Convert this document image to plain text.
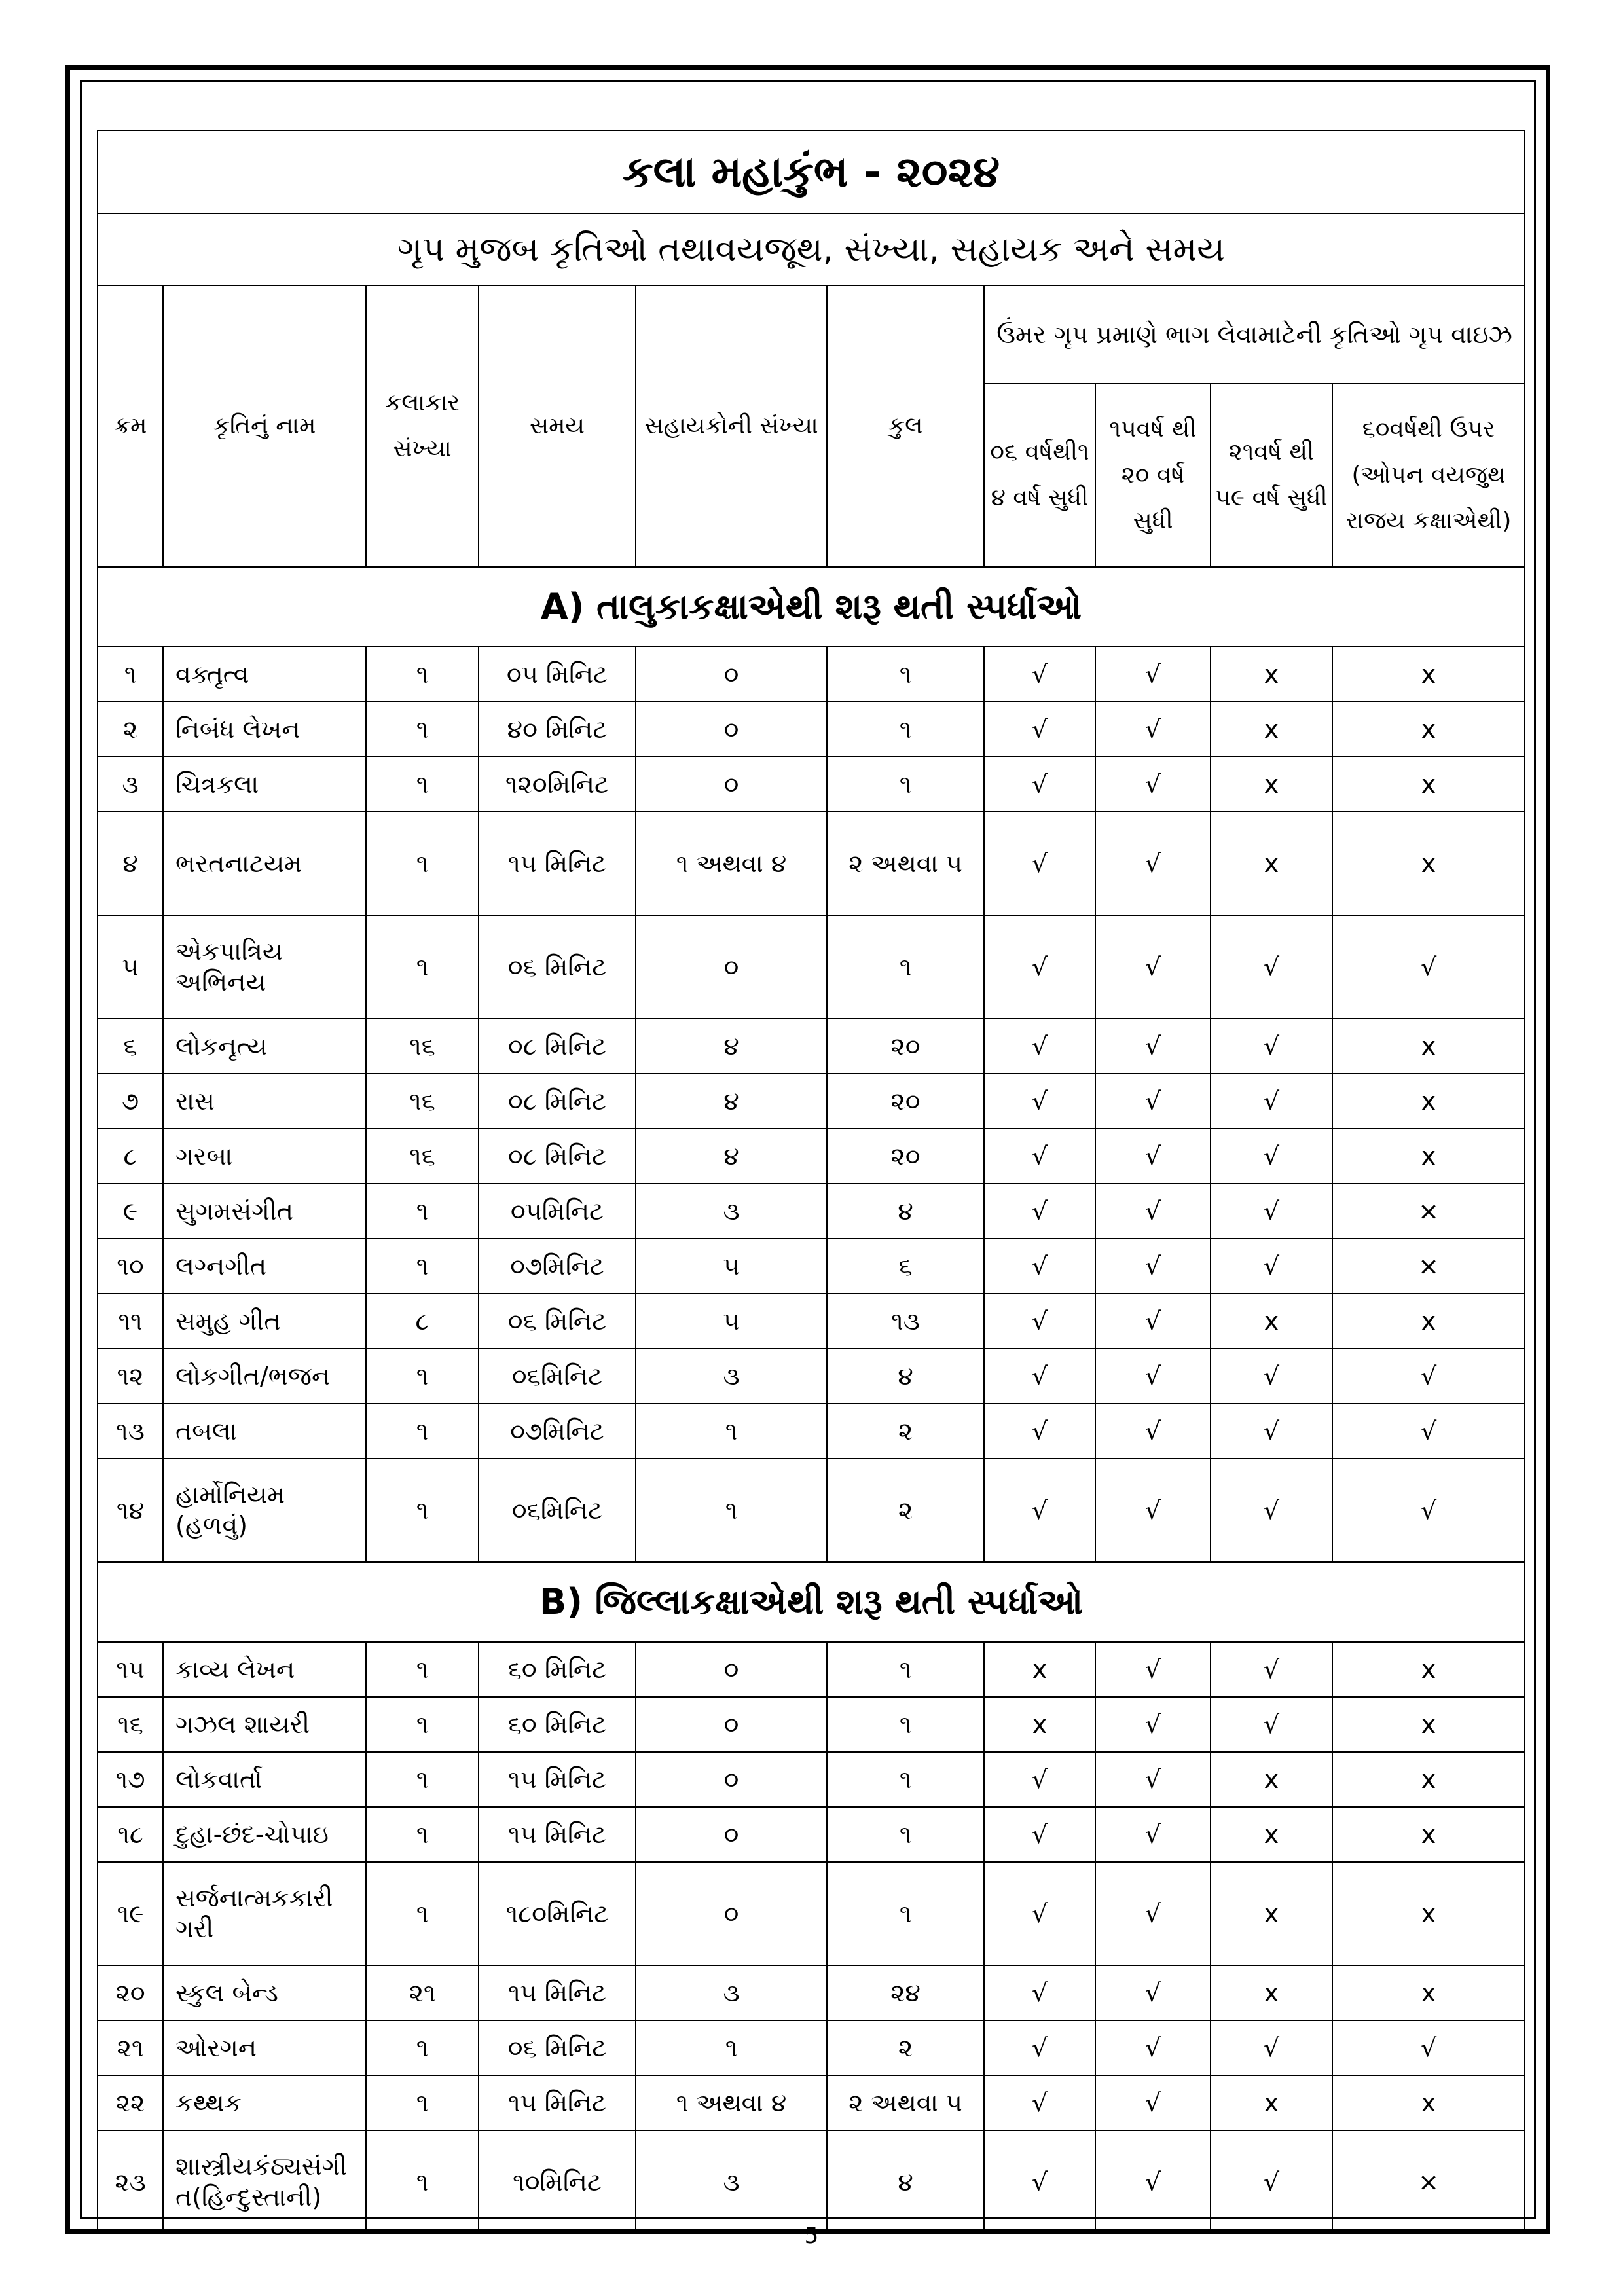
કલા મહાકુંભ - ૨૦૨૪									
ગૃપ મુજબ કૃતિઓ તથાવયજૂથ, સંખ્યા, સહાયક અને સમય									
ક્રમ	કૃતિનું નામ	કલાકાર સંખ્યા	સમય	સહાયકોની સંખ્યા	કુલ	ઉંમર ગૃપ પ્રમાણે ભાગ લેવામાટેની કૃતિઓ ગૃપ વાઇઝ			
						૦૬ વર્ષથી૧ ૪ વર્ષ સુધી	૧૫વર્ષ થી ૨૦ વર્ષ સુધી	૨૧વર્ષ થી ૫૯ વર્ષ સુધી	૬૦વર્ષથી ઉપર (ઓપન વયજુથ રાજય કક્ષાએથી)
A) તાલુકાકક્ષાએથી શરૂ થતી સ્પર્ધાઓ									
૧	વક્તૃત્વ	૧	૦૫ મિનિટ	૦	૧	√	√	x	x
૨	નિબંધ લેખન	૧	૪૦ મિનિટ	૦	૧	√	√	x	x
૩	ચિત્રકલા	૧	૧૨૦મિનિટ	૦	૧	√	√	x	x
૪	ભરતનાટયમ	૧	૧૫ મિનિટ	૧ અથવા ૪	૨ અથવા ૫	√	√	x	x
૫	એકપાત્રિય અભિનય	૧	૦૬ મિનિટ	૦	૧	√	√	√	√
૬	લોકનૃત્ય	૧૬	૦૮ મિનિટ	૪	૨૦	√	√	√	x
૭	રાસ	૧૬	૦૮ મિનિટ	૪	૨૦	√	√	√	x
૮	ગરબા	૧૬	૦૮ મિનિટ	૪	૨૦	√	√	√	x
૯	સુગમસંગીત	૧	૦૫મિનિટ	૩	૪	√	√	√	×
૧૦	લગ્નગીત	૧	૦૭મિનિટ	૫	૬	√	√	√	×
૧૧	સમુહ ગીત	૮	૦૬ મિનિટ	૫	૧૩	√	√	x	x
૧૨	લોકગીત/ભજન	૧	૦૬મિનિટ	૩	૪	√	√	√	√
૧૩	તબલા	૧	૦૭મિનિટ	૧	૨	√	√	√	√
૧૪	હાર્મોનિયમ (હળવું)	૧	૦૬મિનિટ	૧	૨	√	√	√	√
B) જિલ્લાકક્ષાએથી શરૂ થતી સ્પર્ધાઓ									
૧૫	કાવ્ય લેખન	૧	૬૦ મિનિટ	૦	૧	x	√	√	x
૧૬	ગઝલ શાયરી	૧	૬૦ મિનિટ	૦	૧	x	√	√	x
૧૭	લોકવાર્તા	૧	૧૫ મિનિટ	૦	૧	√	√	x	x
૧૮	દુહા-છંદ-ચોપાઇ	૧	૧૫ મિનિટ	૦	૧	√	√	x	x
૧૯	સર્જનાત્મકકારી ગરી	૧	૧૮૦મિનિટ	૦	૧	√	√	x	x
૨૦	સ્કુલ બેન્ડ	૨૧	૧૫ મિનિટ	૩	૨૪	√	√	x	x
૨૧	ઓરગન	૧	૦૬ મિનિટ	૧	૨	√	√	√	√
૨૨	કથ્થક	૧	૧૫ મિનિટ	૧ અથવા ૪	૨ અથવા ૫	√	√	x	x
૨૩	શાસ્ત્રીયકંઠ્યસંગી ત(હિન્દુસ્તાની)	૧	૧૦મિનિટ	૩	૪	√	√	√	×
5
